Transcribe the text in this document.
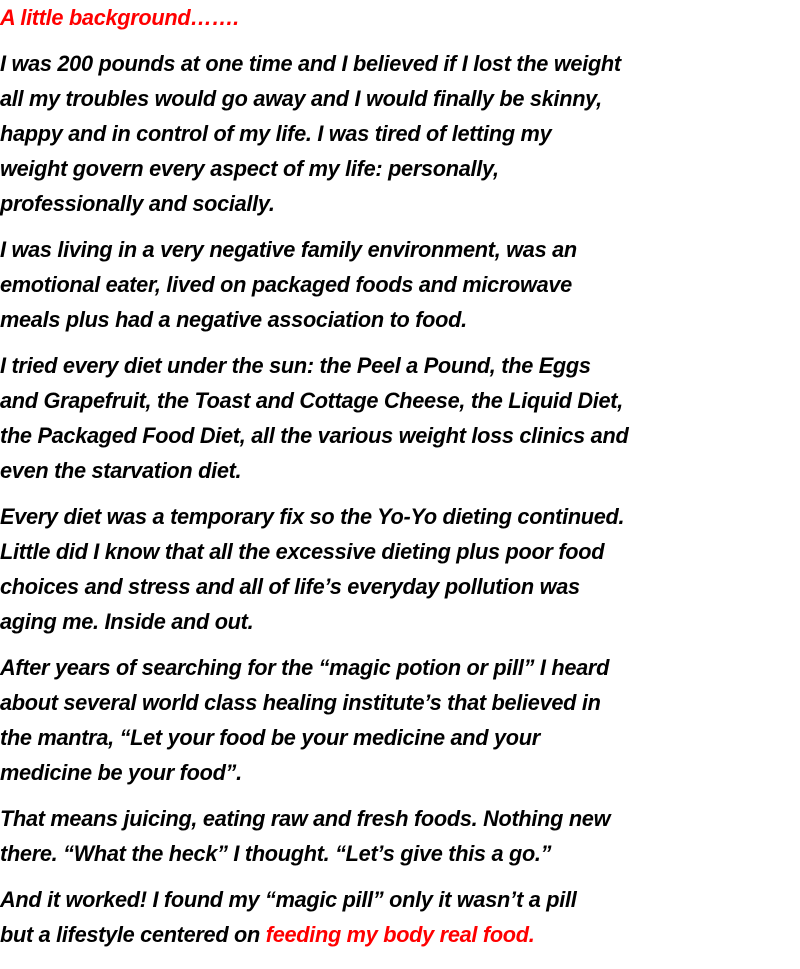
A little background…….
I was 200 pounds at one time and I believed if I lost the weight
all my troubles would go away and I would finally be skinny,
happy and in control of my life. I was tired of letting my
weight govern every aspect of my life: personally,
professionally and socially.
I was living in a very negative family environment, was an
emotional eater, lived on packaged foods and microwave
meals plus had a negative association to food.
I tried every diet under the sun: the Peel a Pound, the Eggs
and Grapefruit, the Toast and Cottage Cheese, the Liquid Diet,
the Packaged Food Diet, all the various weight loss clinics and
even the starvation diet.
Every diet was a temporary fix so the Yo-Yo dieting continued.
Little did I know that all the excessive dieting plus poor food
choices and stress and all of life’s everyday pollution was
aging me. Inside and out.
After years of searching for the “magic potion or pill” I heard
about several world class healing institute’s that believed in
the mantra, “Let your food be your medicine and your
medicine be your food”.
That means juicing, eating raw and fresh foods. Nothing new
there. “What the heck” I thought. “Let’s give this a go.”
And it worked! I found my “magic pill” only it wasn’t a pill
but a lifestyle centered on feeding my body real food.
